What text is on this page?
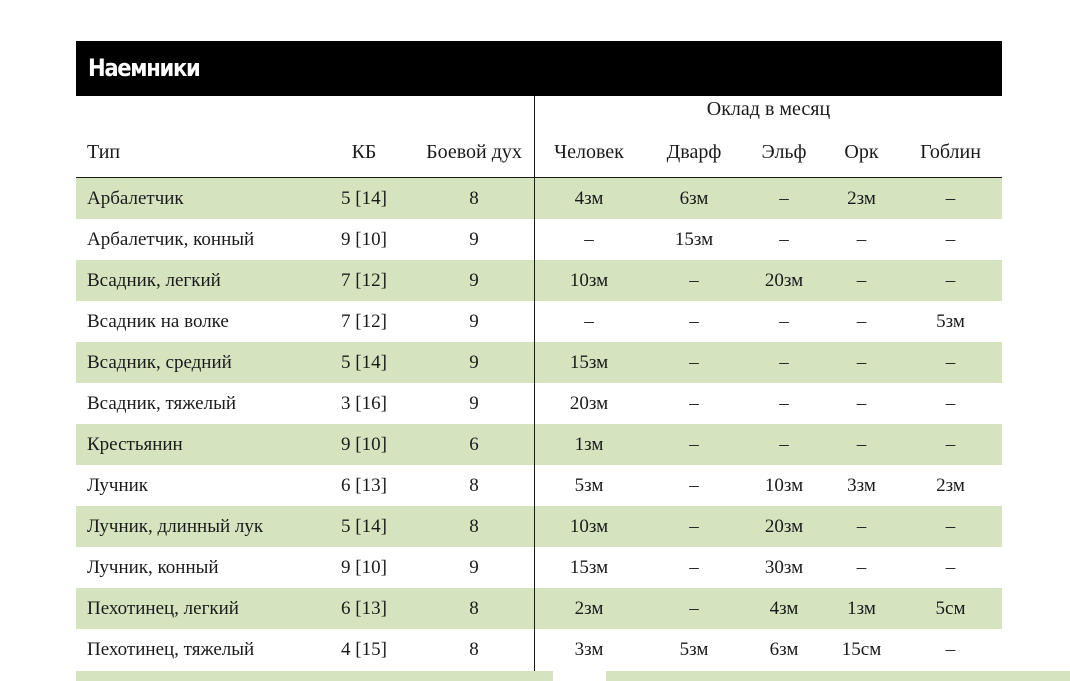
Наемники
Оклад в месяц
Тип	КБ	Боевой дух	Человек	Дварф	Эльф	Орк	Гоблин
Арбалетчик	5 [14]	8	4зм	6зм	–	2зм	–
Арбалетчик, конный	9 [10]	9	–	15зм	–	–	–
Всадник, легкий	7 [12]	9	10зм	–	20зм	–	–
Всадник на волке	7 [12]	9	–	–	–	–	5зм
Всадник, средний	5 [14]	9	15зм	–	–	–	–
Всадник, тяжелый	3 [16]	9	20зм	–	–	–	–
Крестьянин	9 [10]	6	1зм	–	–	–	–
Лучник	6 [13]	8	5зм	–	10зм	3зм	2зм
Лучник, длинный лук	5 [14]	8	10зм	–	20зм	–	–
Лучник, конный	9 [10]	9	15зм	–	30зм	–	–
Пехотинец, легкий	6 [13]	8	2зм	–	4зм	1зм	5см
Пехотинец, тяжелый	4 [15]	8	3зм	5зм	6зм	15см	–
